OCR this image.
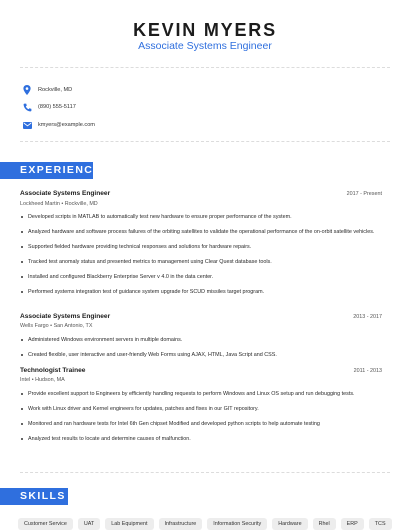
KEVIN MYERS
Associate Systems Engineer
Rockville, MD
(890) 555-5117
kmyers@example.com
EXPERIENCE
Associate Systems Engineer	2017 - Present
Lockheed Martin • Rockville, MD
Developed scripts in MATLAB to automatically test new hardware to ensure proper performance of the system.
Analyzed hardware and software process failures of the orbiting satellites to validate the operational performance of the on-orbit satellite vehicles.
Supported fielded hardware providing technical responses and solutions for hardware repairs.
Tracked test anomaly status and presented metrics to management using Clear Quest database tools.
Installed and configured Blackberry Enterprise Server v 4.0 in the data center.
Performed systems integration test of guidance system upgrade for SCUD missiles target program.
Associate Systems Engineer	2013 - 2017
Wells Fargo • San Antonio, TX
Administered Windows environment servers in multiple domains.
Created flexible, user interactive and user-friendly Web Forms using AJAX, HTML, Java Script and CSS.
Technologist Trainee	2011 - 2013
Intel • Hudson, MA
Provide excellent support to Engineers by efficiently handling requests to perform Windows and Linux OS setup and run debugging tests.
Work with Linux driver and Kernel engineers for updates, patches and fixes in our GIT repository.
Monitored and ran hardware tests for Intel 6th Gen chipset Modified and developed python scripts to help automate testing
Analyzed test results to locate and determine causes of malfunction.
SKILLS
Customer Service	UAT	Lab Equipment	Infrastructure	Information Security	Hardware	Rhel	ERP	TCS
